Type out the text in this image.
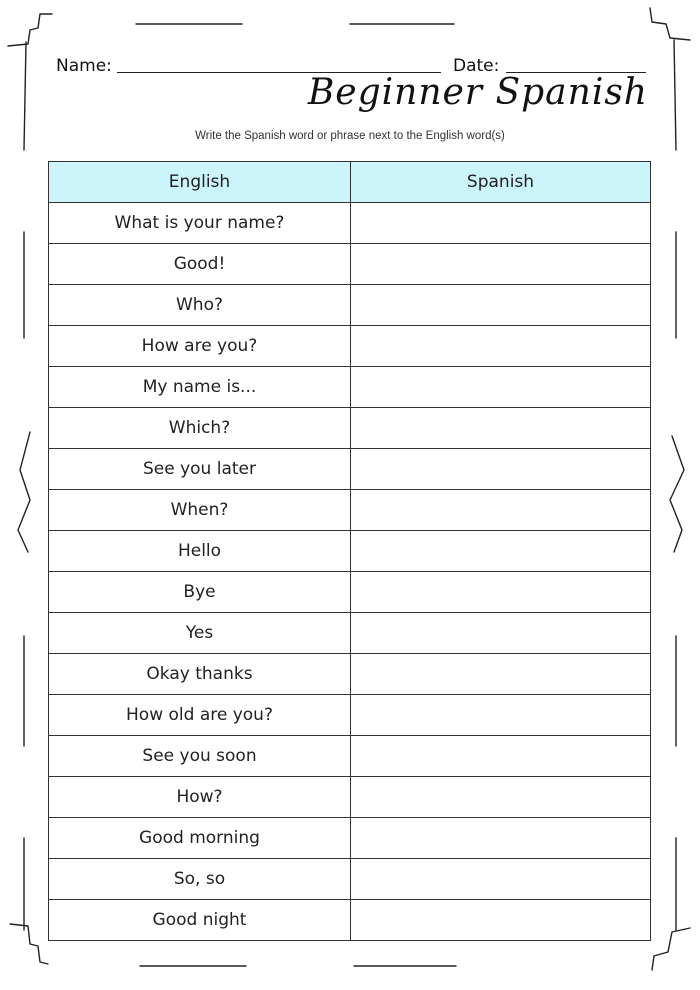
Name:	Date:
Beginner Spanish
Write the Spanish word or phrase next to the English word(s)
English	Spanish
What is your name?	
Good!	
Who?	
How are you?	
My name is...	
Which?	
See you later	
When?	
Hello	
Bye	
Yes	
Okay thanks	
How old are you?	
See you soon	
How?	
Good morning	
So, so	
Good night	
